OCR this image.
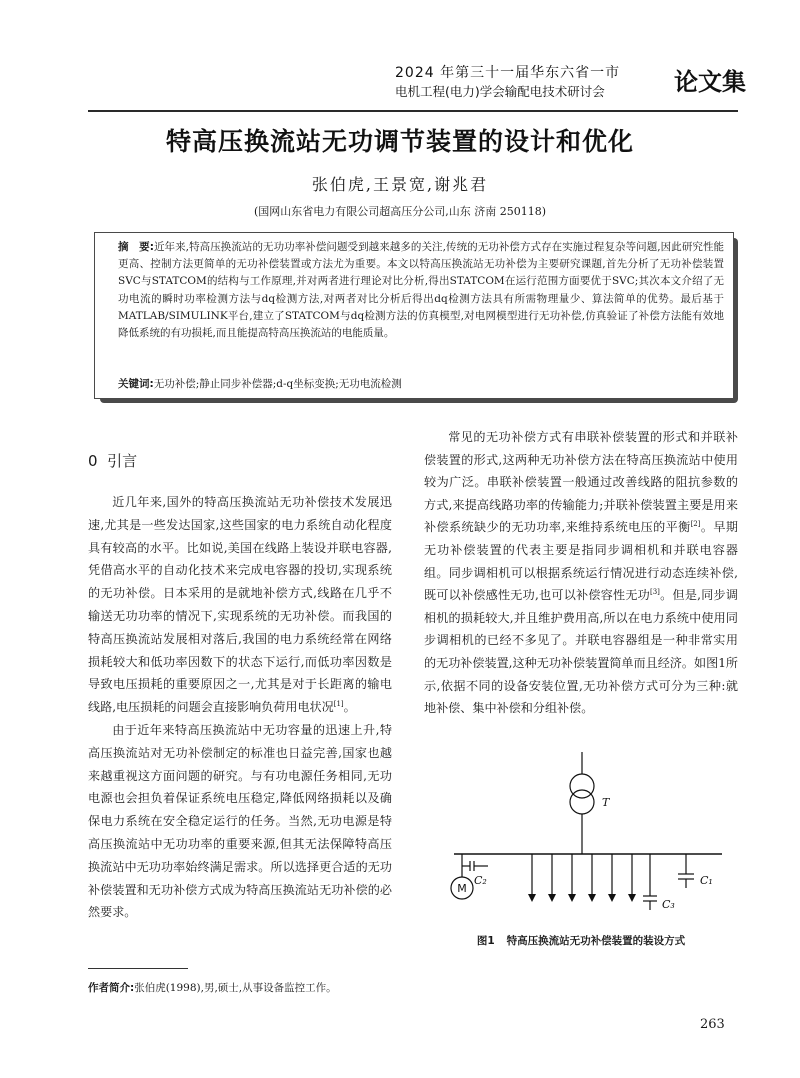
2024 年第三十一届华东六省一市
电机工程(电力)学会输配电技术研讨会	论文集
特高压换流站无功调节装置的设计和优化
张伯虎,王景宽,谢兆君
(国网山东省电力有限公司超高压分公司,山东 济南 250118)
摘　要:近年来,特高压换流站的无功功率补偿问题受到越来越多的关注,传统的无功补偿方式存在实施过程复杂等问题,因此研究性能更高、控制方法更简单的无功补偿装置或方法尤为重要。本文以特高压换流站无功补偿为主要研究课题,首先分析了无功补偿装置SVC与STATCOM的结构与工作原理,并对两者进行理论对比分析,得出STATCOM在运行范围方面要优于SVC;其次本文介绍了无功电流的瞬时功率检测方法与dq检测方法,对两者对比分析后得出dq检测方法具有所需物理量少、算法简单的优势。最后基于MATLAB/SIMULINK平台,建立了STATCOM与dq检测方法的仿真模型,对电网模型进行无功补偿,仿真验证了补偿方法能有效地降低系统的有功损耗,而且能提高特高压换流站的电能质量。
关键词:无功补偿;静止同步补偿器;d-q坐标变换;无功电流检测
0 引言

近几年来,国外的特高压换流站无功补偿技术发展迅速,尤其是一些发达国家,这些国家的电力系统自动化程度具有较高的水平。比如说,美国在线路上装设并联电容器,凭借高水平的自动化技术来完成电容器的投切,实现系统的无功补偿。日本采用的是就地补偿方式,线路在几乎不输送无功功率的情况下,实现系统的无功补偿。而我国的特高压换流站发展相对落后,我国的电力系统经常在网络损耗较大和低功率因数下的状态下运行,而低功率因数是导致电压损耗的重要原因之一,尤其是对于长距离的输电线路,电压损耗的问题会直接影响负荷用电状况[1]。

由于近年来特高压换流站中无功容量的迅速上升,特高压换流站对无功补偿制定的标准也日益完善,国家也越来越重视这方面问题的研究。与有功电源任务相同,无功电源也会担负着保证系统电压稳定,降低网络损耗以及确保电力系统在安全稳定运行的任务。当然,无功电源是特高压换流站中无功功率的重要来源,但其无法保障特高压换流站中无功功率始终满足需求。所以选择更合适的无功补偿装置和无功补偿方式成为特高压换流站无功补偿的必然要求。

常见的无功补偿方式有串联补偿装置的形式和并联补偿装置的形式,这两种无功补偿方法在特高压换流站中使用较为广泛。串联补偿装置一般通过改善线路的阻抗参数的方式,来提高线路功率的传输能力;并联补偿装置主要是用来补偿系统缺少的无功功率,来维持系统电压的平衡[2]。早期无功补偿装置的代表主要是指同步调相机和并联电容器组。同步调相机可以根据系统运行情况进行动态连续补偿,既可以补偿感性无功,也可以补偿容性无功[3]。但是,同步调相机的损耗较大,并且维护费用高,所以在电力系统中使用同步调相机的已经不多见了。并联电容器组是一种非常实用的无功补偿装置,这种无功补偿装置简单而且经济。如图1所示,依据不同的设备安装位置,无功补偿方式可分为三种:就地补偿、集中补偿和分组补偿。

T
C₂	C₁
C₃
M
图1 特高压换流站无功补偿装置的装设方式
作者简介:张伯虎(1998),男,硕士,从事设备监控工作。
263
